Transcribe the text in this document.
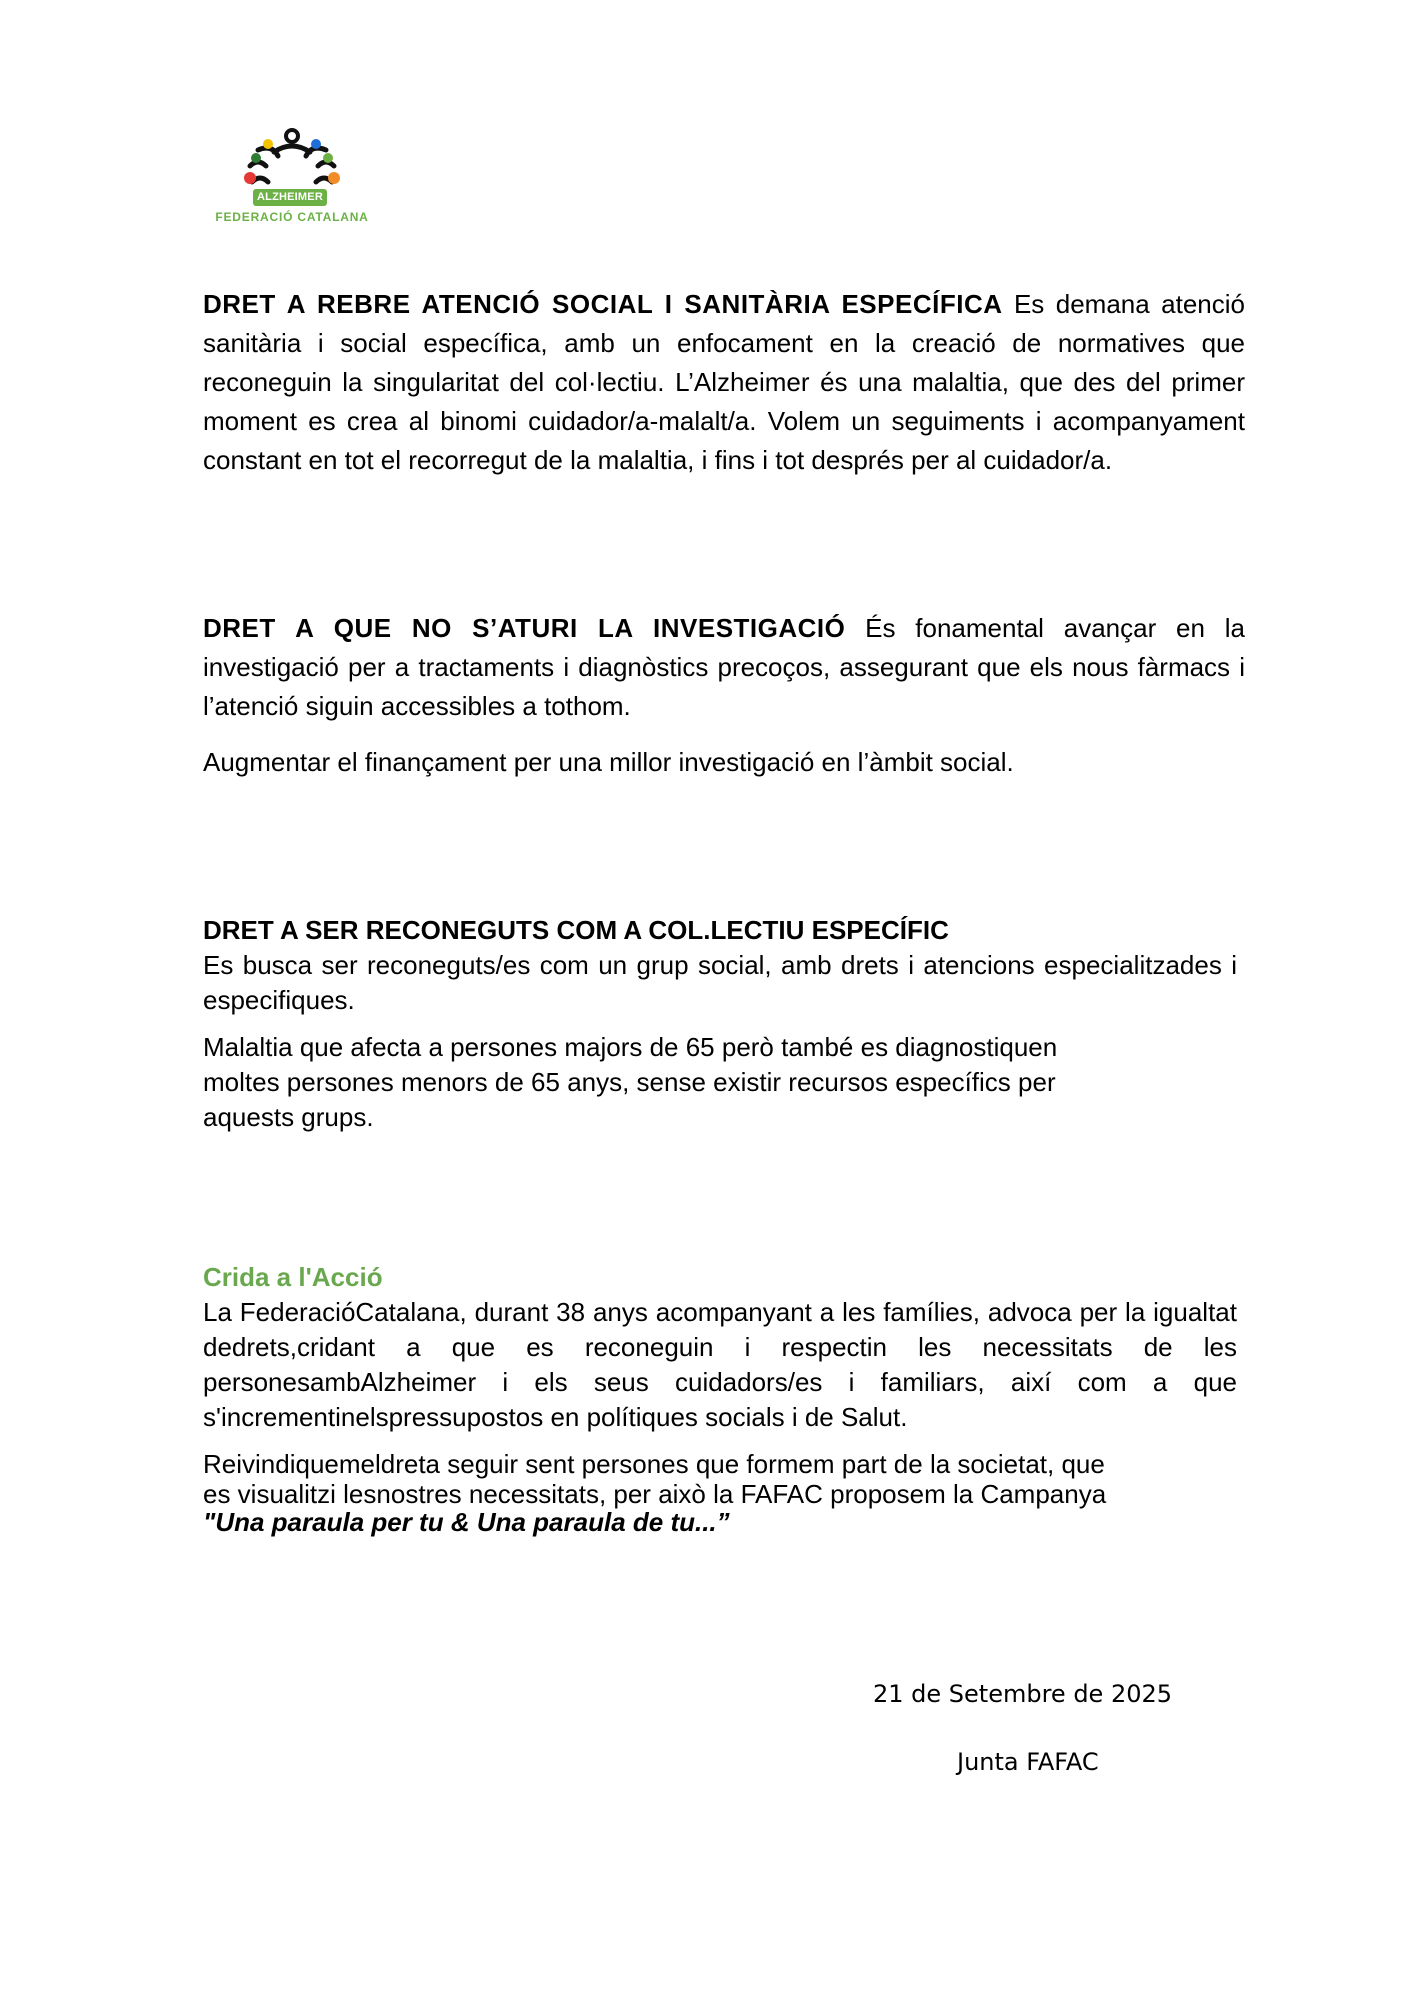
ALZHEIMER
FEDERACIÓ CATALANA

DRET A REBRE ATENCIÓ SOCIAL I SANITÀRIA ESPECÍFICA Es demana atenció sanitària i social específica, amb un enfocament en la creació de normatives que reconeguin la singularitat del col·lectiu. L’Alzheimer és una malaltia, que des del primer moment es crea al binomi cuidador/a-malalt/a. Volem un seguiments i acompanyament constant en tot el recorregut de la malaltia, i fins i tot després per al cuidador/a.

DRET A QUE NO S’ATURI LA INVESTIGACIÓ És fonamental avançar en la investigació per a tractaments i diagnòstics precoços, assegurant que els nous fàrmacs i l’atenció siguin accessibles a tothom.

Augmentar el finançament per una millor investigació en l’àmbit social.

DRET A SER RECONEGUTS COM A COL.LECTIU ESPECÍFIC

Es busca ser reconeguts/es com un grup social, amb drets i atencions especialitzades i especifiques.

Malaltia que afecta a persones majors de 65 però també es diagnostiquen
moltes persones menors de 65 anys, sense existir recursos específics per
aquests grups.

Crida a l'Acció

La FederacióCatalana, durant 38 anys acompanyant a les famílies, advoca per la igualtat dedrets,cridant a que es reconeguin i respectin les necessitats de les personesambAlzheimer i els seus cuidadors/es i familiars, així com a que s'incrementinelspressupostos en polítiques socials i de Salut.

Reivindiquemeldreta seguir sent persones que formem part de la societat, que
es visualitzi lesnostres necessitats, per això la FAFAC proposem la Campanya
"Una paraula per tu & Una paraula de tu...”

21 de Setembre de 2025
Junta FAFAC
